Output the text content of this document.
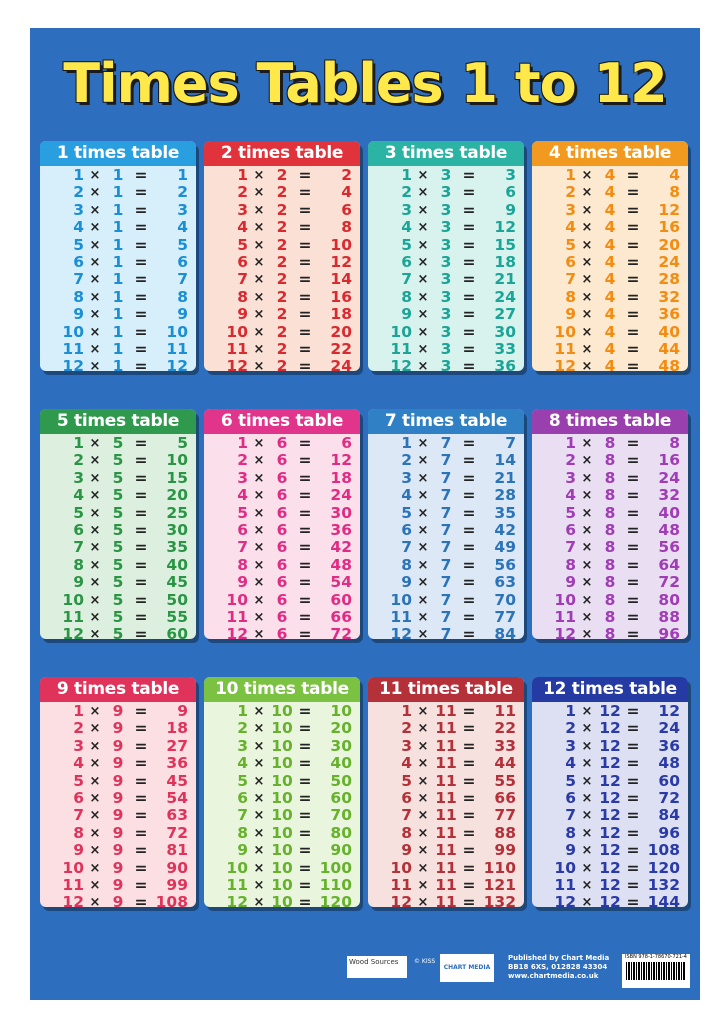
Times Tables 1 to 12
1 times table
1 × 1 =	1
2 × 1 =	2
3 × 1 =	3
4 × 1 =	4
5 × 1 =	5
6 × 1 =	6
7 × 1 =	7
8 × 1 =	8
9 × 1 =	9
10 × 1 =	10
11 × 1 =	11
12 × 1 =	12
2 times table
1 × 2 =	2
2 × 2 =	4
3 × 2 =	6
4 × 2 =	8
5 × 2 =	10
6 × 2 =	12
7 × 2 =	14
8 × 2 =	16
9 × 2 =	18
10 × 2 =	20
11 × 2 =	22
12 × 2 =	24
3 times table
1 × 3 =	3
2 × 3 =	6
3 × 3 =	9
4 × 3 =	12
5 × 3 =	15
6 × 3 =	18
7 × 3 =	21
8 × 3 =	24
9 × 3 =	27
10 × 3 =	30
11 × 3 =	33
12 × 3 =	36
4 times table
1 × 4 =	4
2 × 4 =	8
3 × 4 =	12
4 × 4 =	16
5 × 4 =	20
6 × 4 =	24
7 × 4 =	28
8 × 4 =	32
9 × 4 =	36
10 × 4 =	40
11 × 4 =	44
12 × 4 =	48
5 times table
1 × 5 =	5
2 × 5 =	10
3 × 5 =	15
4 × 5 =	20
5 × 5 =	25
6 × 5 =	30
7 × 5 =	35
8 × 5 =	40
9 × 5 =	45
10 × 5 =	50
11 × 5 =	55
12 × 5 =	60
6 times table
1 × 6 =	6
2 × 6 =	12
3 × 6 =	18
4 × 6 =	24
5 × 6 =	30
6 × 6 =	36
7 × 6 =	42
8 × 6 =	48
9 × 6 =	54
10 × 6 =	60
11 × 6 =	66
12 × 6 =	72
7 times table
1 × 7 =	7
2 × 7 =	14
3 × 7 =	21
4 × 7 =	28
5 × 7 =	35
6 × 7 =	42
7 × 7 =	49
8 × 7 =	56
9 × 7 =	63
10 × 7 =	70
11 × 7 =	77
12 × 7 =	84
8 times table
1 × 8 =	8
2 × 8 =	16
3 × 8 =	24
4 × 8 =	32
5 × 8 =	40
6 × 8 =	48
7 × 8 =	56
8 × 8 =	64
9 × 8 =	72
10 × 8 =	80
11 × 8 =	88
12 × 8 =	96
9 times table
1 × 9 =	9
2 × 9 =	18
3 × 9 =	27
4 × 9 =	36
5 × 9 =	45
6 × 9 =	54
7 × 9 =	63
8 × 9 =	72
9 × 9 =	81
10 × 9 =	90
11 × 9 =	99
12 × 9 = 108
10 times table
1 × 10 =	10
2 × 10 =	20
3 × 10 =	30
4 × 10 =	40
5 × 10 =	50
6 × 10 =	60
7 × 10 =	70
8 × 10 =	80
9 × 10 =	90
10 × 10 = 100
11 × 10 = 110
12 × 10 = 120
11 times table
1 × 11 =	11
2 × 11 =	22
3 × 11 =	33
4 × 11 =	44
5 × 11 =	55
6 × 11 =	66
7 × 11 =	77
8 × 11 =	88
9 × 11 =	99
10 × 11 = 110
11 × 11 = 121
12 × 11 = 132
12 times table
1 × 12 =	12
2 × 12 =	24
3 × 12 =	36
4 × 12 =	48
5 × 12 =	60
6 × 12 =	72
7 × 12 =	84
8 × 12 =	96
9 × 12 = 108
10 × 12 = 120
11 × 12 = 132
12 × 12 = 144
Wood Sources	© KISS
CHART MEDIA
Published by Chart Media
BB18 6XS, 012828 43304
www.chartmedia.co.uk
ISBN 978-1-78670-721-4
